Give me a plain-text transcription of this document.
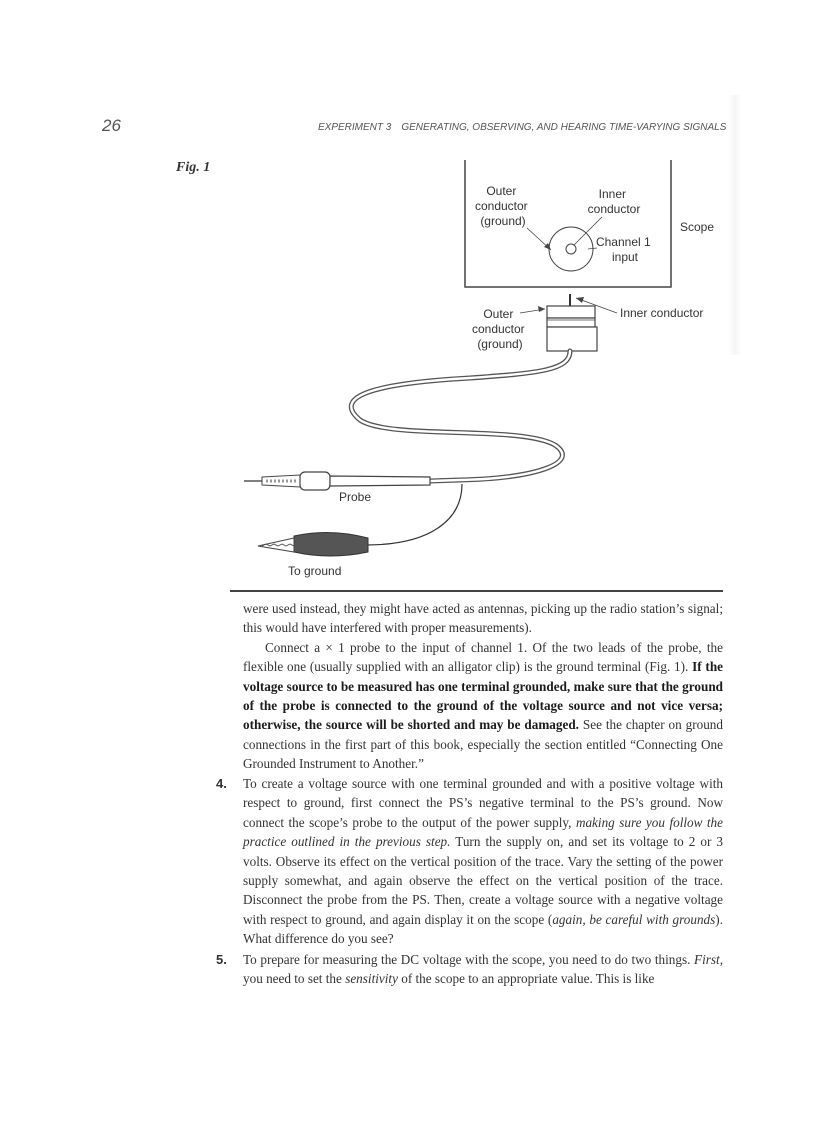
26	EXPERIMENT 3 GENERATING, OBSERVING, AND HEARING TIME-VARYING SIGNALS
Fig. 1
Outer conductor (ground)
Inner conductor
Scope
Channel 1 input
Outer conductor (ground)
Inner conductor
Probe
To ground

were used instead, they might have acted as antennas, picking up the radio station’s signal; this would have interfered with proper measurements).

Connect a × 1 probe to the input of channel 1. Of the two leads of the probe, the flexible one (usually supplied with an alligator clip) is the ground terminal (Fig. 1). If the voltage source to be measured has one terminal grounded, make sure that the ground of the probe is connected to the ground of the voltage source and not vice versa; otherwise, the source will be shorted and may be damaged. See the chapter on ground connections in the first part of this book, especially the section entitled “Connecting One Grounded Instrument to Another.”

4. To create a voltage source with one terminal grounded and with a positive voltage with respect to ground, first connect the PS’s negative terminal to the PS’s ground. Now connect the scope’s probe to the output of the power supply, making sure you follow the practice outlined in the previous step. Turn the supply on, and set its voltage to 2 or 3 volts. Observe its effect on the vertical position of the trace. Vary the setting of the power supply somewhat, and again observe the effect on the vertical position of the trace. Disconnect the probe from the PS. Then, create a voltage source with a negative voltage with respect to ground, and again display it on the scope (again, be careful with grounds). What difference do you see?

5. To prepare for measuring the DC voltage with the scope, you need to do two things. First, you need to set the sensitivity of the scope to an appropriate value. This is like
